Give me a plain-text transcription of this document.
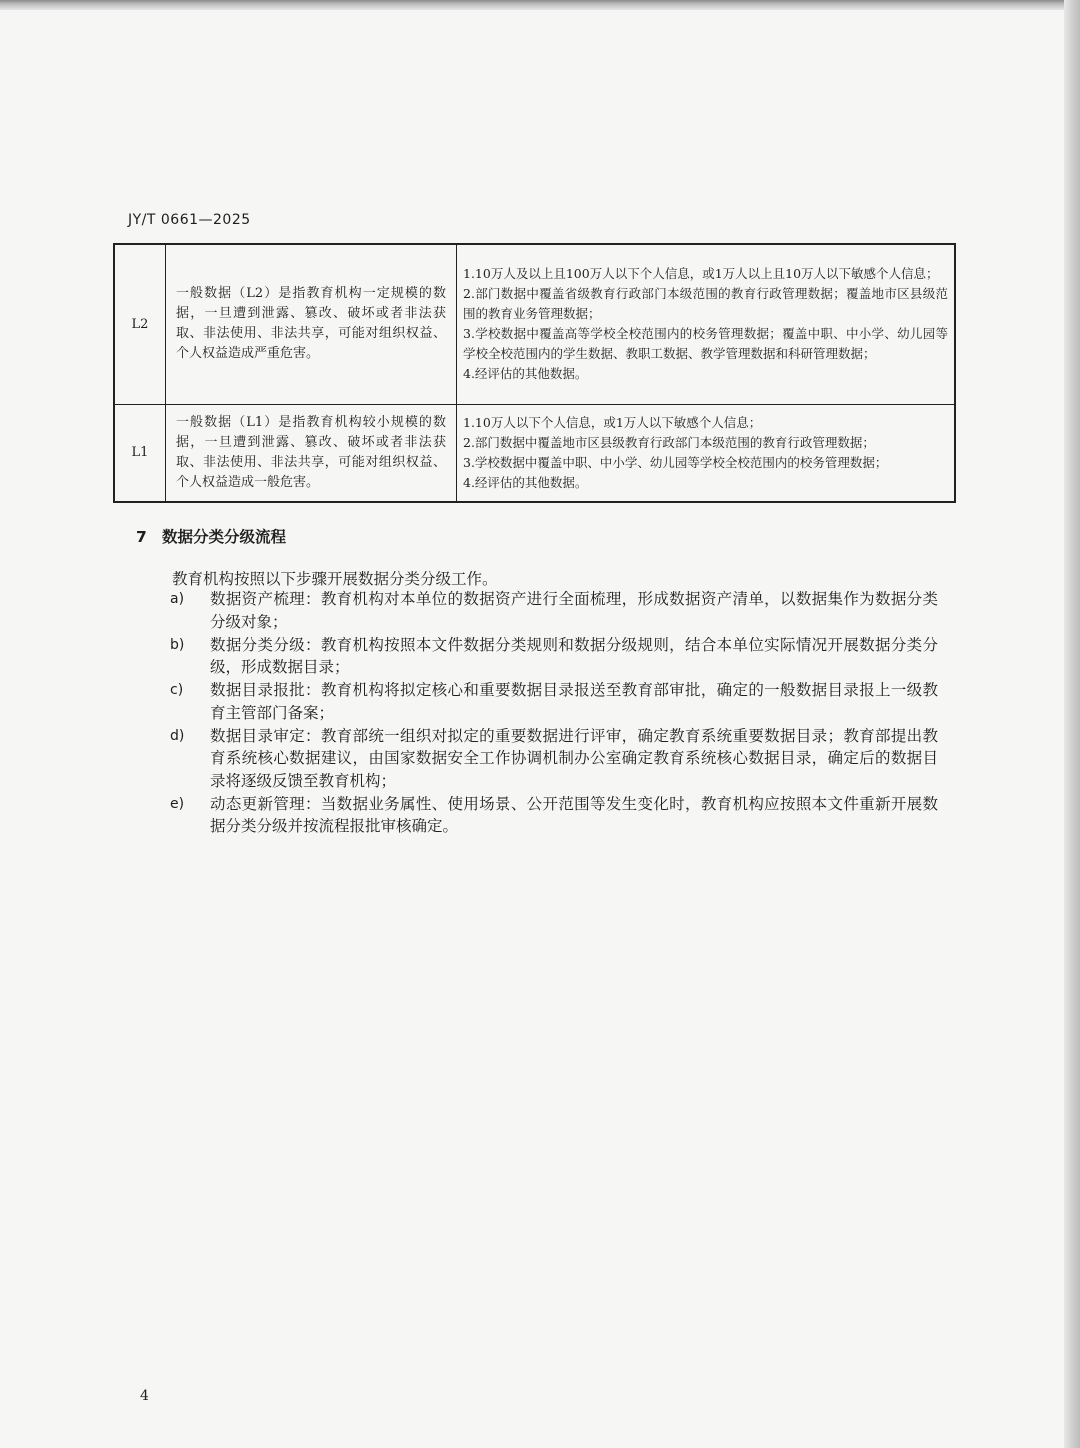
JY/T 0661—2025
L2	一般数据（L2）是指教育机构一定规模的数据，一旦遭到泄露、篡改、破坏或者非法获取、非法使用、非法共享，可能对组织权益、个人权益造成严重危害。	1.10万人及以上且100万人以下个人信息，或1万人以上且10万人以下敏感个人信息；
2.部门数据中覆盖省级教育行政部门本级范围的教育行政管理数据；覆盖地市区县级范围的教育业务管理数据；
3.学校数据中覆盖高等学校全校范围内的校务管理数据；覆盖中职、中小学、幼儿园等学校全校范围内的学生数据、教职工数据、教学管理数据和科研管理数据；
4.经评估的其他数据。

L1	一般数据（L1）是指教育机构较小规模的数据，一旦遭到泄露、篡改、破坏或者非法获取、非法使用、非法共享，可能对组织权益、个人权益造成一般危害。	1.10万人以下个人信息，或1万人以下敏感个人信息；
2.部门数据中覆盖地市区县级教育行政部门本级范围的教育行政管理数据；
3.学校数据中覆盖中职、中小学、幼儿园等学校全校范围内的校务管理数据；
4.经评估的其他数据。
7 数据分类分级流程
教育机构按照以下步骤开展数据分类分级工作。
a)	数据资产梳理：教育机构对本单位的数据资产进行全面梳理，形成数据资产清单，以数据集作为数据分类分级对象；
b)	数据分类分级：教育机构按照本文件数据分类规则和数据分级规则，结合本单位实际情况开展数据分类分级，形成数据目录；
c)	数据目录报批：教育机构将拟定核心和重要数据目录报送至教育部审批，确定的一般数据目录报上一级教育主管部门备案；
d)	数据目录审定：教育部统一组织对拟定的重要数据进行评审，确定教育系统重要数据目录；教育部提出教育系统核心数据建议，由国家数据安全工作协调机制办公室确定教育系统核心数据目录，确定后的数据目录将逐级反馈至教育机构；
e)	动态更新管理：当数据业务属性、使用场景、公开范围等发生变化时，教育机构应按照本文件重新开展数据分类分级并按流程报批审核确定。
4
